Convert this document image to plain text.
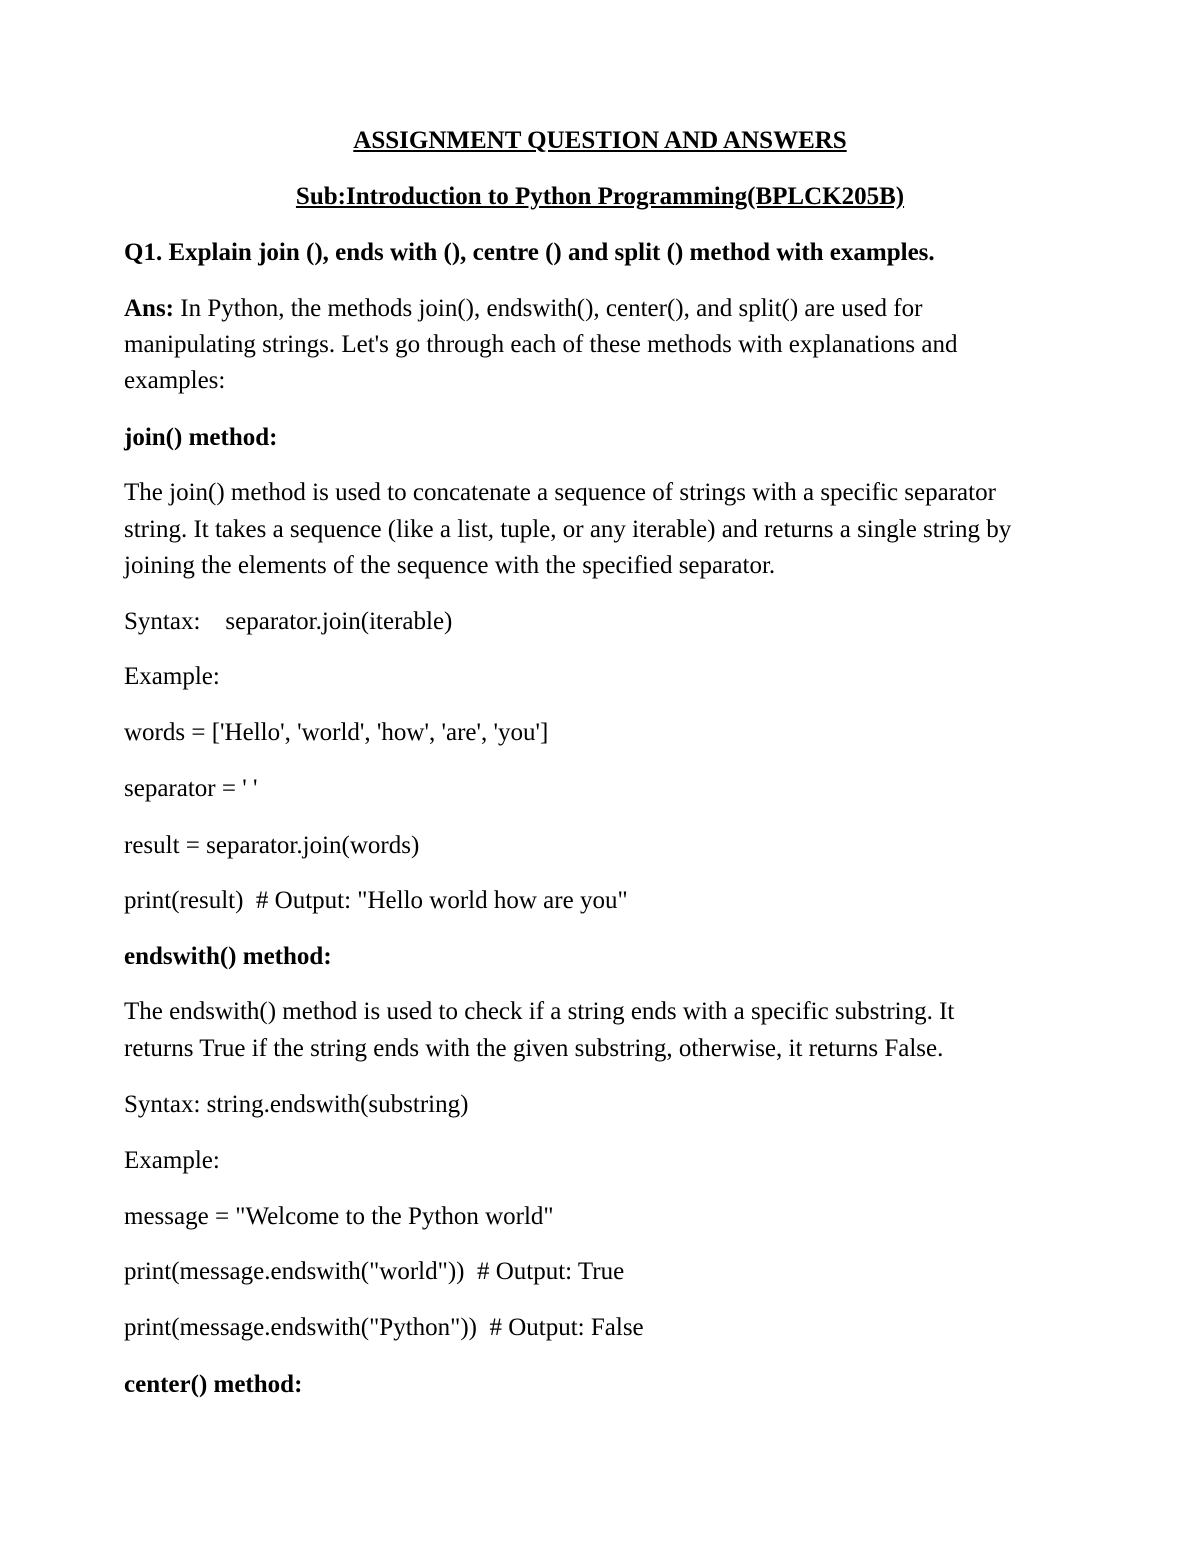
ASSIGNMENT QUESTION AND ANSWERS
Sub:Introduction to Python Programming(BPLCK205B)
Q1. Explain join (), ends with (), centre () and split () method with examples.
Ans: In Python, the methods join(), endswith(), center(), and split() are used for
manipulating strings. Let's go through each of these methods with explanations and
examples:
join() method:
The join() method is used to concatenate a sequence of strings with a specific separator
string. It takes a sequence (like a list, tuple, or any iterable) and returns a single string by
joining the elements of the sequence with the specified separator.
Syntax:    separator.join(iterable)
Example:
words = ['Hello', 'world', 'how', 'are', 'you']
separator = ' '
result = separator.join(words)
print(result)  # Output: "Hello world how are you"
endswith() method:
The endswith() method is used to check if a string ends with a specific substring. It
returns True if the string ends with the given substring, otherwise, it returns False.
Syntax: string.endswith(substring)
Example:
message = "Welcome to the Python world"
print(message.endswith("world"))  # Output: True
print(message.endswith("Python"))  # Output: False
center() method:
